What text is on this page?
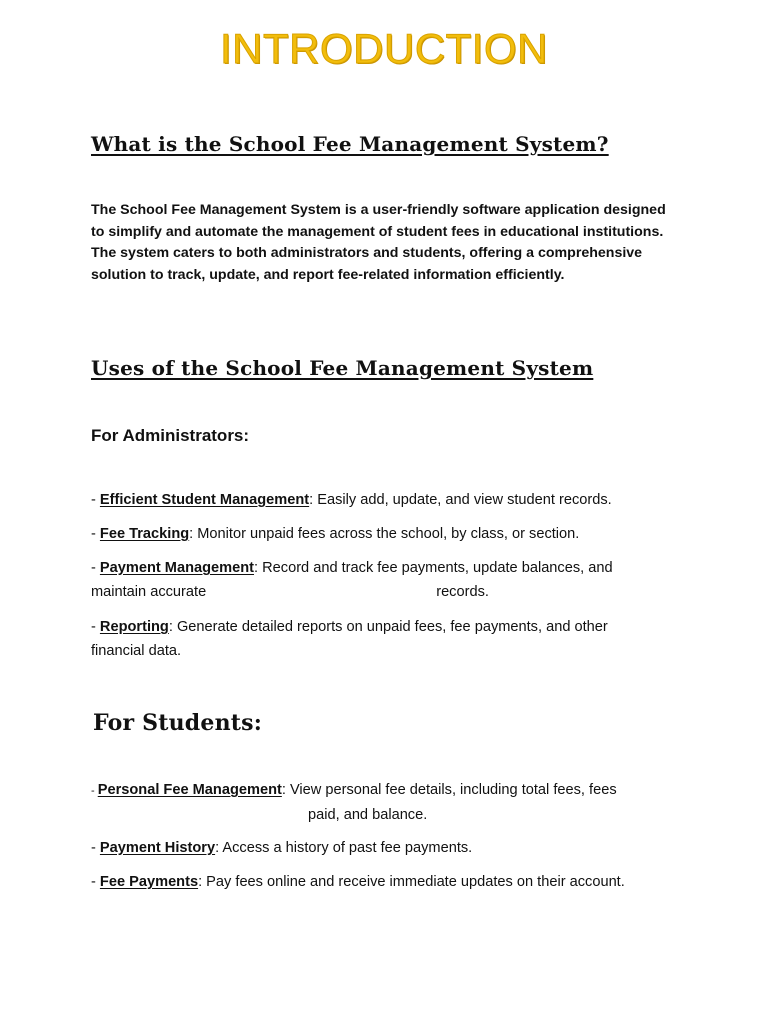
INTRODUCTION
What is the School Fee Management System?
The School Fee Management System is a user-friendly software application designed to simplify and automate the management of student fees in educational institutions. The system caters to both administrators and students, offering a comprehensive solution to track, update, and report fee-related information efficiently.
Uses of the School Fee Management System
For Administrators:
- Efficient Student Management: Easily add, update, and view student records.
- Fee Tracking: Monitor unpaid fees across the school, by class, or section.
- Payment Management: Record and track fee payments, update balances, and
maintain accurate	records.
- Reporting: Generate detailed reports on unpaid fees, fee payments, and other
financial data.
For Students:
- Personal Fee Management: View personal fee details, including total fees, fees
paid, and balance.
- Payment History: Access a history of past fee payments.
- Fee Payments: Pay fees online and receive immediate updates on their account.
